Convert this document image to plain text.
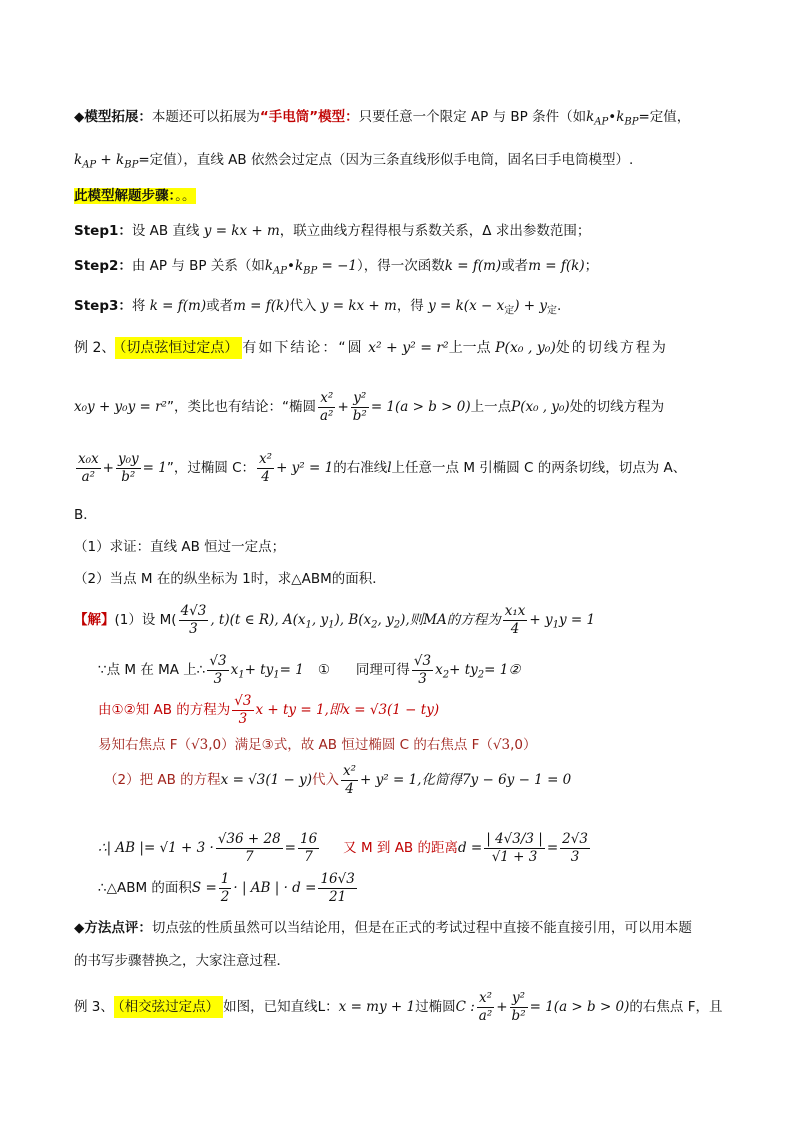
◆模型拓展：本题还可以拓展为“手电筒”模型：只要任意一个限定 AP 与 BP 条件（如$k_{AP}•k_{BP}=$定值，
$k_{AP} + k_{BP}=$定值），直线 AB 依然会过定点（因为三条直线形似手电筒，固名曰手电筒模型）.
此模型解题步骤：。。
Step1：设 AB 直线 y = kx + m，联立曲线方程得根与系数关系，Δ 求出参数范围；
Step2：由 AP 与 BP 关系（如$k_{AP}•k_{BP} = -1$），得一次函数k = f(m)或者m = f(k)；
Step3：将 k = f(m)或者m = f(k)代入 y = kx + m，得 $y = k(x - x_定) + y_定$.
例 2、 （切点弦恒过定点） 有如下结论：“圆 x² + y² = r²上一点 P(x₀ , y₀)处的切线方程为
x₀y + y₀y = r²”，类比也有结论：“椭圆 $\frac{\text{x²}}{\text{a²}} + \frac{\text{y²}}{\text{b²}} = 1(a > b > 0)$上一点P(x₀ , y₀)处的切线方程为
$\frac{\text{x₀x}}{\text{a²}} + \frac{\text{y₀y}}{\text{b²}} = 1$”，过椭圆 C： $\frac{\text{x²}}{4} + y^2 = 1$的右准线l上任意一点 M 引椭圆 C 的两条切线，切点为 A、
B．
（1）求证：直线 AB 恒过一定点；
（2）当点 M 在的纵坐标为 1时，求△ABM的面积．
【解】(1）设 $M( \frac{4√3}{3}$ , t)(t ∈ R), $A(x_1$, $y_1$), $B(x_2$, $y_2$),则MA的方程为 $\frac{\text{x₁x}}{4} + y_1y = 1$
∵点 M 在 MA 上∴ $\frac{√3}{3} x_1+ ty_1= 1$ ① 同理可得 $\frac{√3}{3} x_2+ ty_2=$ 1②
由①②知 AB 的方程为 $\frac{√3}{3}$ x + ty = 1,即x = √3(1 − ty)
易知右焦点 F（√3,0）满足③式，故 AB 恒过椭圆 C 的右焦点 F（√3,0）
（2）把 AB 的方程x = √3(1 − y)代入 $\frac{\text{x²}}{4} + y^2 = 1$,化简得7y − 6y − 1 = 0
∴| AB |= $√1 + 3 \cdot \frac{√36 + 28}{7} = \frac{16}{7}$ 又 M 到 AB 的距离$d = \frac{| 4√3/3 |}{√1 + 3} = \frac{2√3}{3}$
∴△ABM 的面积$S = \frac{1}{2}$ · | AB | · $d = \frac{16√3}{21}$
◆方法点评：切点弦的性质虽然可以当结论用，但是在正式的考试过程中直接不能直接引用，可以用本题
的书写步骤替换之，大家注意过程．
例 3、 （相交弦过定点） 如图，已知直线L：x = my + 1过椭圆C : $\frac{\text{x²}}{\text{a²}} + \frac{\text{y²}}{\text{b²}} = 1(a > b > 0)$的右焦点 F，且
